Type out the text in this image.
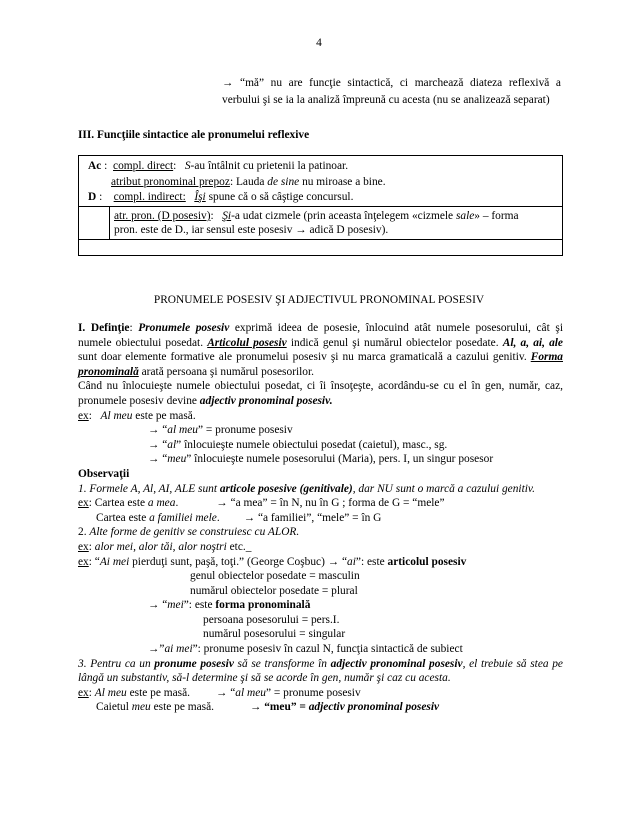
4
→ “mă” nu are funcţie sintactică, ci marchează diateza reflexivă a verbului şi se ia la analiză împreună cu acesta (nu se analizează separat)
III. Funcţiile sintactice ale pronumelui reflexive
Ac :  compl. direct:   S-au întâlnit cu prietenii la patinoar.
atribut pronominal prepoz: Lauda de sine nu miroase a bine.
D :    compl. indirect: Îşi spune că o să câştige concursul.
atr. pron. (D posesiv):   Şi-a udat cizmele (prin aceasta înţelegem «cizmele sale» – forma
pron. este de D., iar sensul este posesiv → adică D posesiv).
PRONUMELE POSESIV ŞI ADJECTIVUL PRONOMINAL POSESIV

I. Definţie: Pronumele posesiv exprimă ideea de posesie, înlocuind atât numele posesorului, cât şi numele obiectului posedat. Articolul posesiv indică genul şi numărul obiectelor posedate. Al, a, ai, ale sunt doar elemente formative ale pronumelui posesiv şi nu marca gramaticală a cazului genitiv. Forma pronominală arată persoana şi numărul posesorilor.

Când nu înlocuieşte numele obiectului posedat, ci îi însoţeşte, acordându-se cu el în gen, număr, caz, pronumele posesiv devine adjectiv pronominal posesiv.

ex:   Al meu este pe masă.

→ “al meu” = pronume posesiv

→ “al” înlocuieşte numele obiectului posedat (caietul), masc., sg.

→ “meu” înlocuieşte numele posesorului (Maria), pers. I, un singur posesor

Observaţii

1. Formele A, Al, AI, ALE sunt articole posesive (genitivale), dar NU sunt o marcă a cazului genitiv.

ex: Cartea este a mea.	→ “a mea” = în N, nu în G ; forma de G = “mele”

Cartea este a familiei mele. → “a familiei”, “mele” = în G

2. Alte forme de genitiv se construiesc cu ALOR.

ex: alor mei, alor tăi, alor noştri etc._

ex: “Ai mei pierduţi sunt, paşă, toţi.” (George Coşbuc) → “ai”: este articolul posesiv

genul obiectelor posedate = masculin

numărul obiectelor posedate = plural

→ “mei”: este forma pronominală

persoana posesorului = pers.I.

numărul posesorului = singular

→”ai mei”: pronume posesiv în cazul N, funcţia sintactică de subiect

3. Pentru ca un pronume posesiv să se transforme în adjectiv pronominal posesiv, el trebuie să stea pe lângă un substantiv, să-l determine şi să se acorde în gen, număr şi caz cu acesta.

ex: Al meu este pe masă. → “al meu” = pronume posesiv

Caietul meu este pe masă.	→ “meu” = adjectiv pronominal posesiv
